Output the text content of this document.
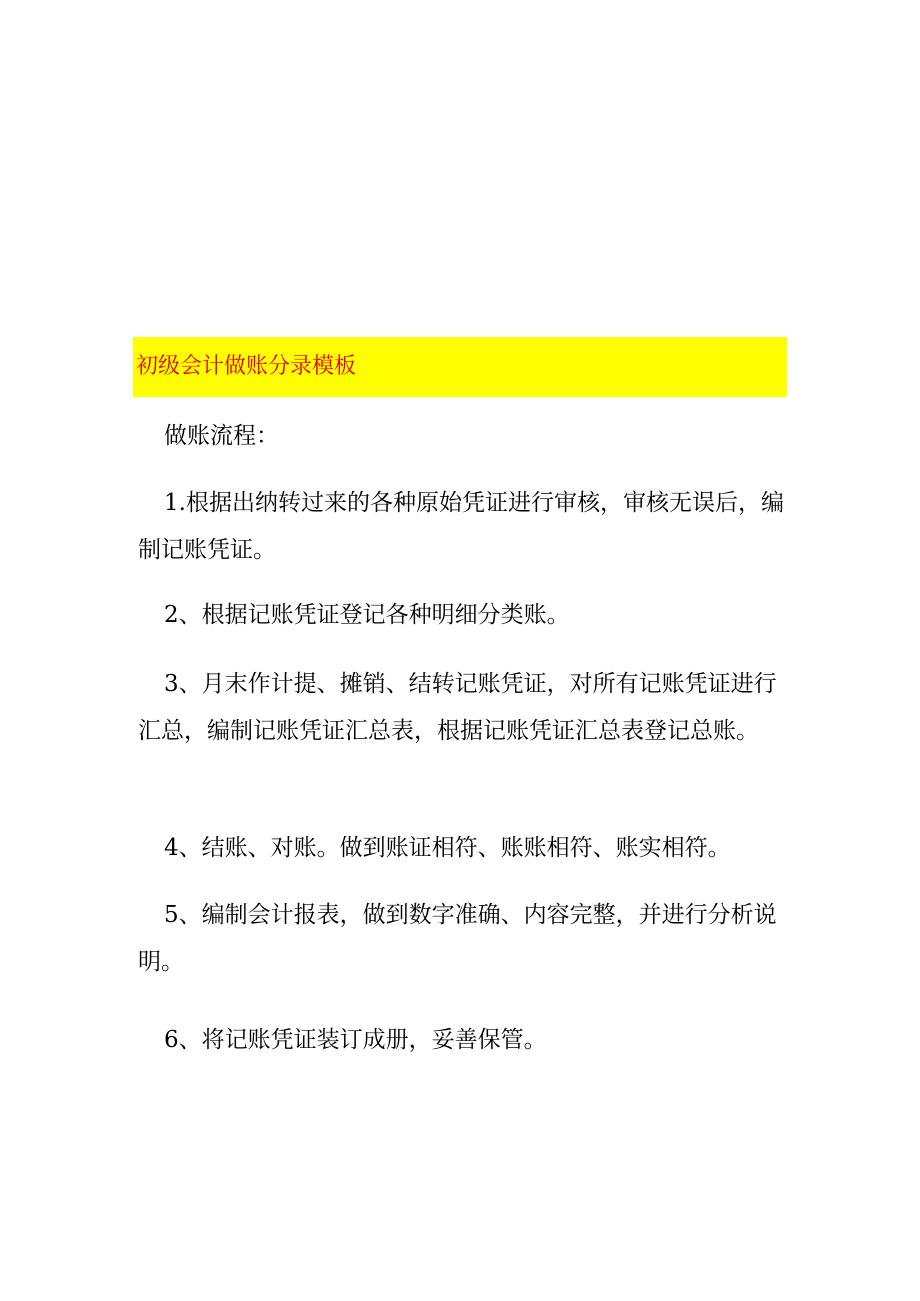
初级会计做账分录模板
做账流程：
1.根据出纳转过来的各种原始凭证进行审核，审核无误后，编制记账凭证。
2、根据记账凭证登记各种明细分类账。
3、月末作计提、摊销、结转记账凭证，对所有记账凭证进行汇总，编制记账凭证汇总表，根据记账凭证汇总表登记总账。
4、结账、对账。做到账证相符、账账相符、账实相符。
5、编制会计报表，做到数字准确、内容完整，并进行分析说明。
6、将记账凭证装订成册，妥善保管。
